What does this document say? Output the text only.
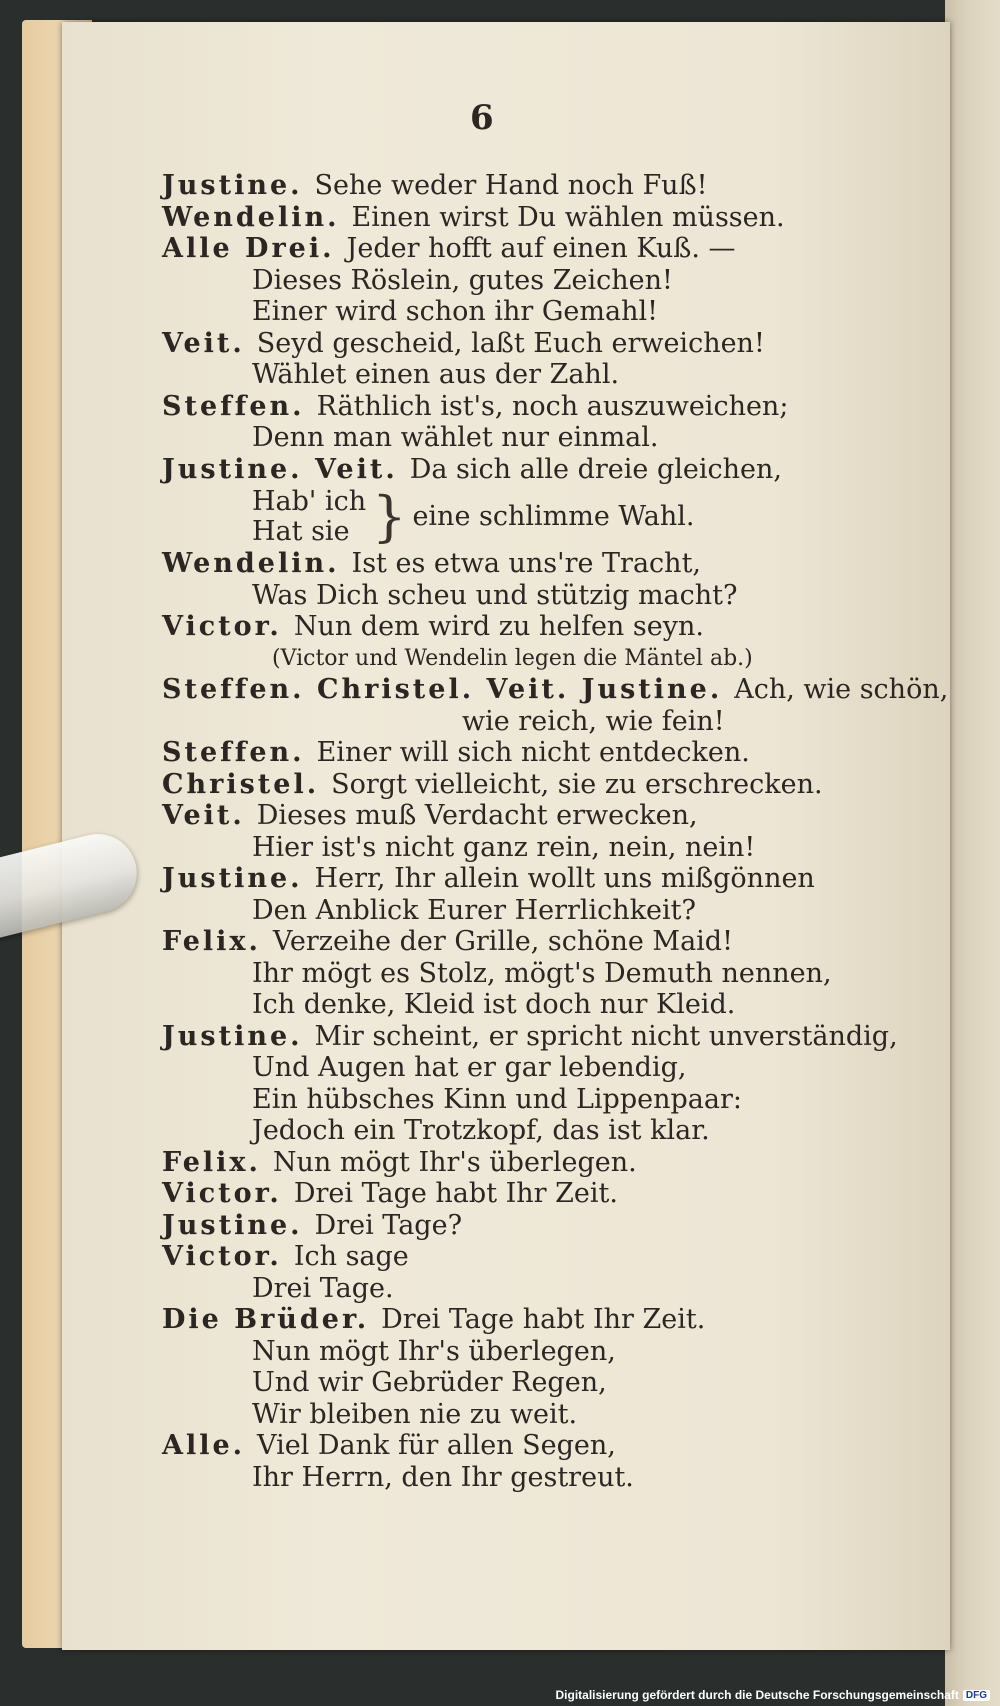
6
Justine. Sehe weder Hand noch Fuß!
Wendelin. Einen wirst Du wählen müssen.
Alle Drei. Jeder hofft auf einen Kuß. —
Dieses Röslein, gutes Zeichen!
Einer wird schon ihr Gemahl!
Veit. Seyd gescheid, laßt Euch erweichen!
Wählet einen aus der Zahl.
Steffen. Räthlich ist's, noch auszuweichen;
Denn man wählet nur einmal.
Justine. Veit. Da sich alle dreie gleichen,
Hab' ich
Hat sie } eine schlimme Wahl.
Wendelin. Ist es etwa uns're Tracht,
Was Dich scheu und stützig macht?
Victor. Nun dem wird zu helfen seyn.
(Victor und Wendelin legen die Mäntel ab.)
Steffen. Christel. Veit. Justine. Ach, wie schön,
wie reich, wie fein!
Steffen. Einer will sich nicht entdecken.
Christel. Sorgt vielleicht, sie zu erschrecken.
Veit. Dieses muß Verdacht erwecken,
Hier ist's nicht ganz rein, nein, nein!
Justine. Herr, Ihr allein wollt uns mißgönnen
Den Anblick Eurer Herrlichkeit?
Felix. Verzeihe der Grille, schöne Maid!
Ihr mögt es Stolz, mögt's Demuth nennen,
Ich denke, Kleid ist doch nur Kleid.
Justine. Mir scheint, er spricht nicht unverständig,
Und Augen hat er gar lebendig,
Ein hübsches Kinn und Lippenpaar:
Jedoch ein Trotzkopf, das ist klar.
Felix. Nun mögt Ihr's überlegen.
Victor. Drei Tage habt Ihr Zeit.
Justine. Drei Tage?
Victor. Ich sage
Drei Tage.
Die Brüder. Drei Tage habt Ihr Zeit.
Nun mögt Ihr's überlegen,
Und wir Gebrüder Regen,
Wir bleiben nie zu weit.
Alle. Viel Dank für allen Segen,
Ihr Herrn, den Ihr gestreut.
Digitalisierung gefördert durch die Deutsche Forschungsgemeinschaft DFG
